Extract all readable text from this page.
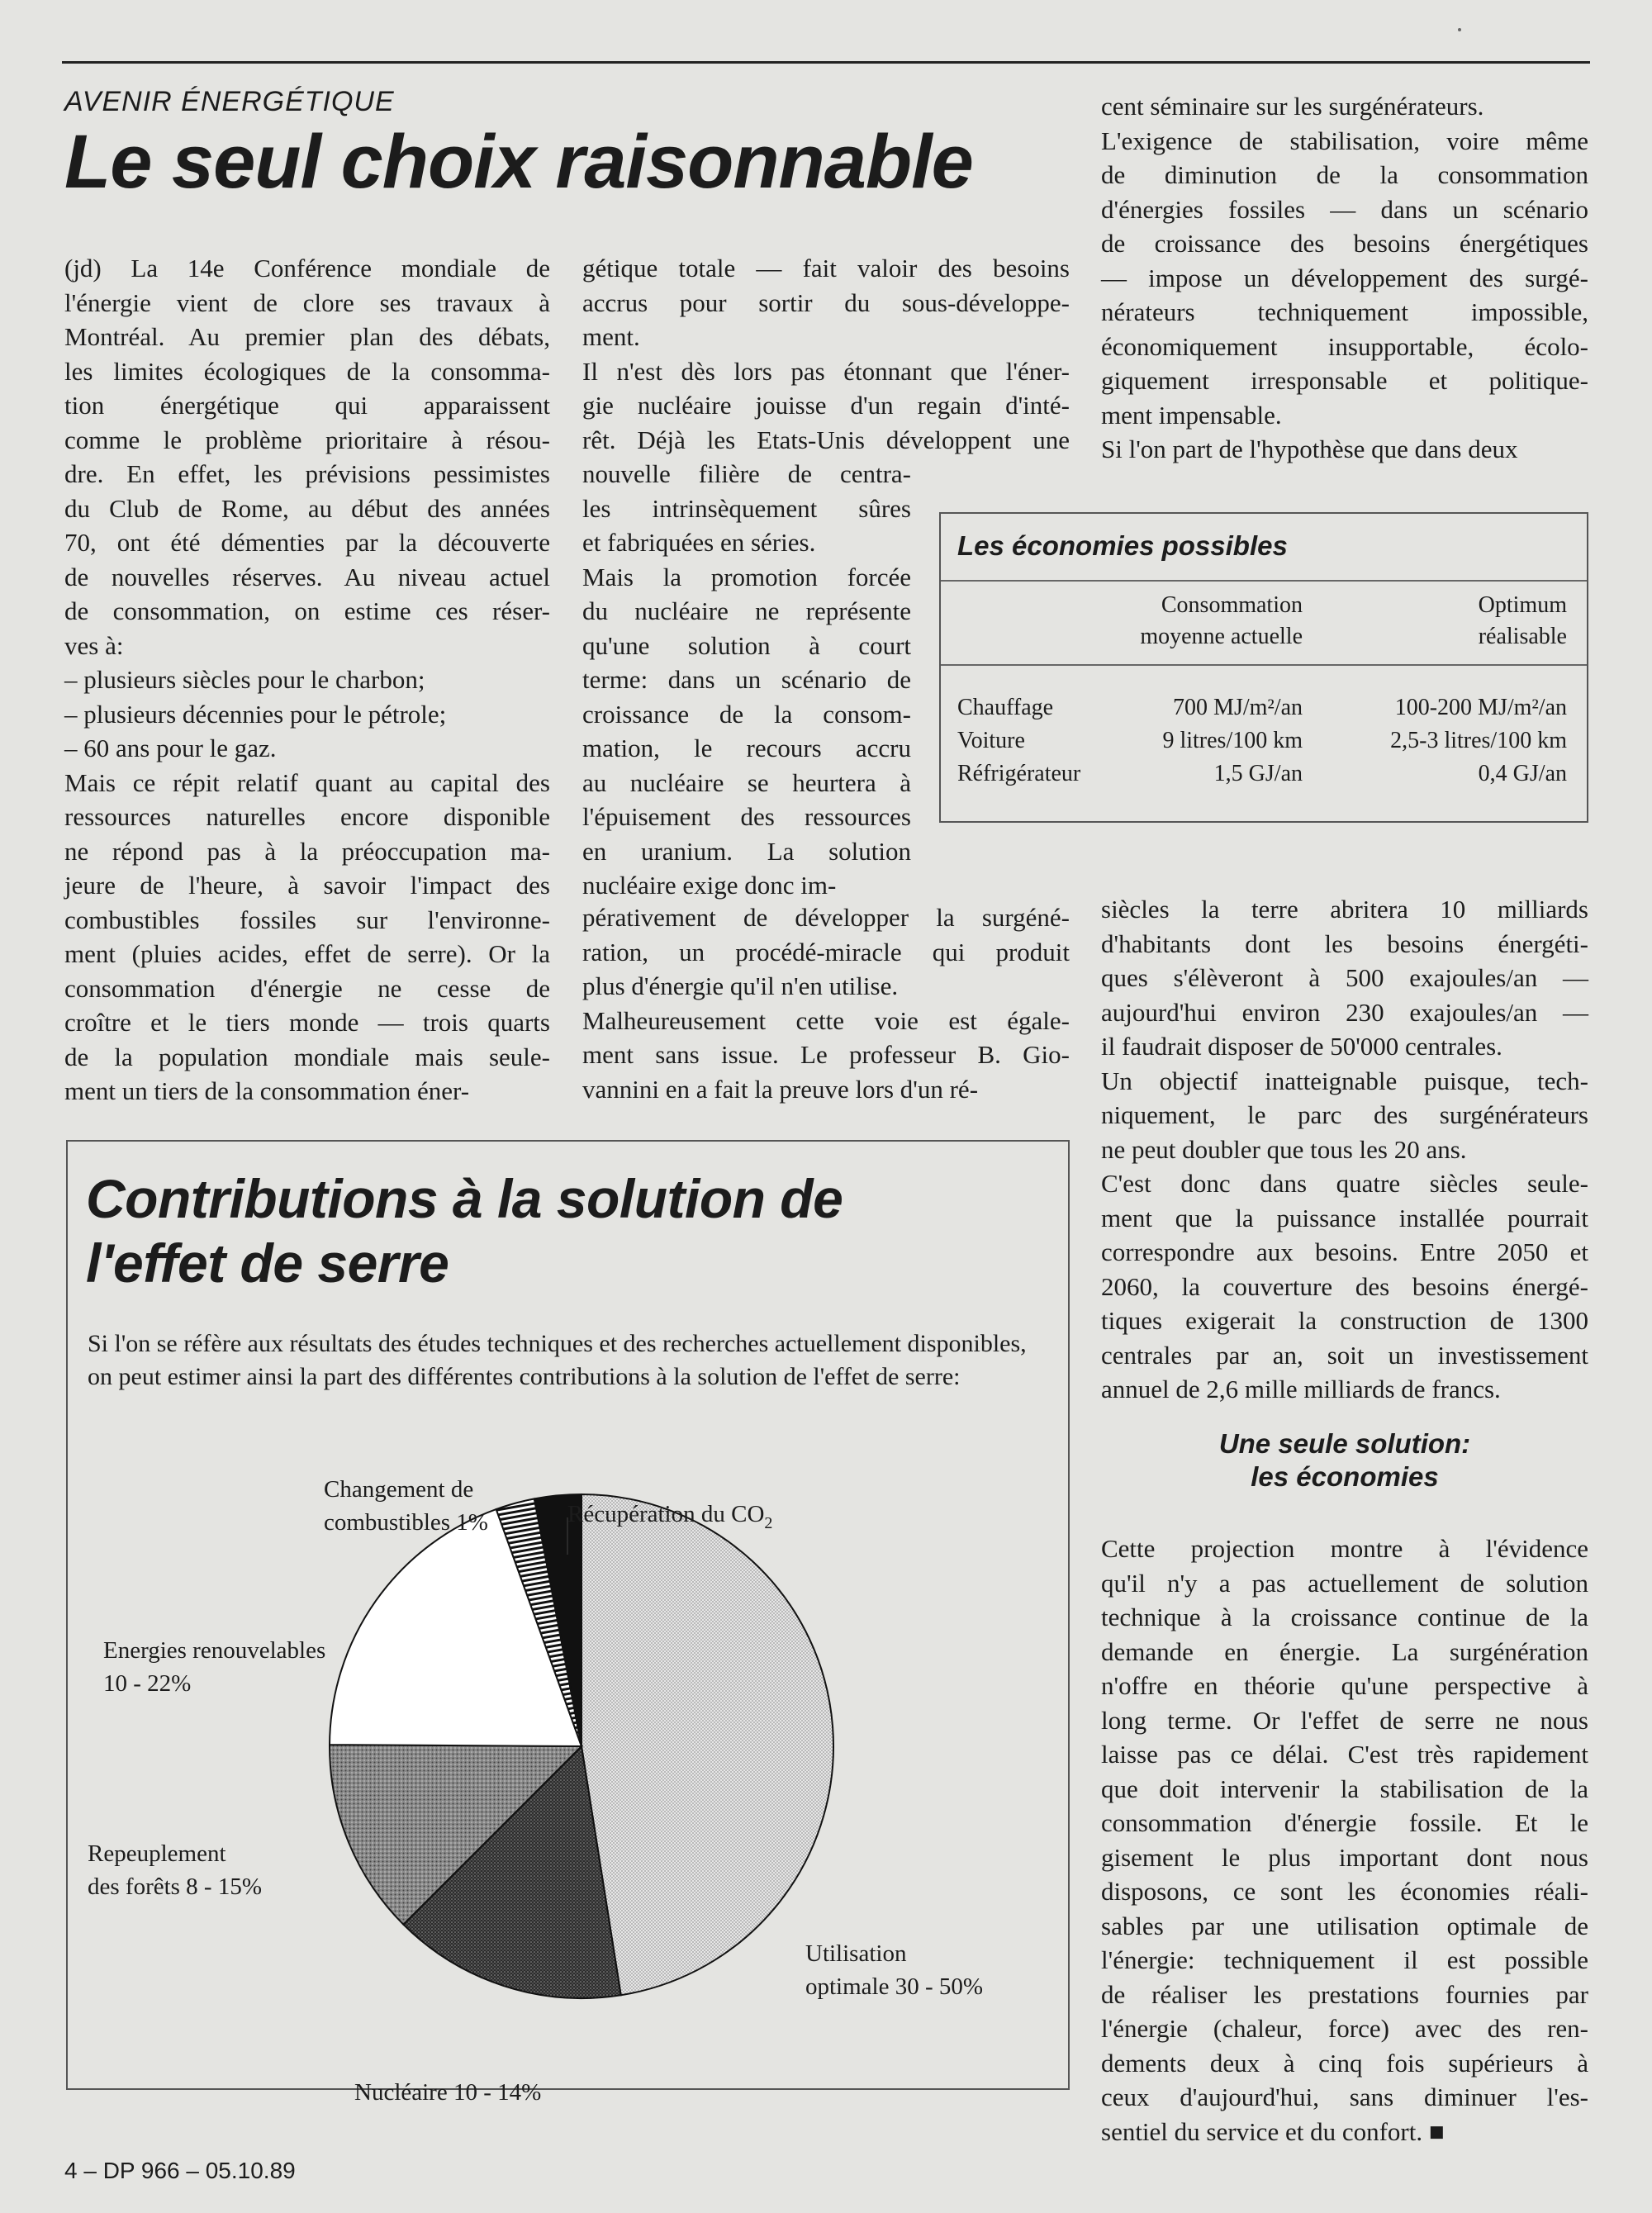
AVENIR ÉNERGÉTIQUE
Le seul choix raisonnable
(jd) La 14e Conférence mondiale de
l'énergie vient de clore ses travaux à
Montréal. Au premier plan des débats,
les limites écologiques de la consomma-
tion énergétique qui apparaissent
comme le problème prioritaire à résou-
dre. En effet, les prévisions pessimistes
du Club de Rome, au début des années
70, ont été démenties par la découverte
de nouvelles réserves. Au niveau actuel
de consommation, on estime ces réser-
ves à:
– plusieurs siècles pour le charbon;
– plusieurs décennies pour le pétrole;
– 60 ans pour le gaz.
Mais ce répit relatif quant au capital des
ressources naturelles encore disponible
ne répond pas à la préoccupation ma-
jeure de l'heure, à savoir l'impact des
combustibles fossiles sur l'environne-
ment (pluies acides, effet de serre). Or la
consommation d'énergie ne cesse de
croître et le tiers monde — trois quarts
de la population mondiale mais seule-
ment un tiers de la consommation éner-
gétique totale — fait valoir des besoins
accrus pour sortir du sous-développe-
ment.
Il n'est dès lors pas étonnant que l'éner-
gie nucléaire jouisse d'un regain d'inté-
rêt. Déjà les Etats-Unis développent une
nouvelle filière de centra-
les intrinsèquement sûres
et fabriquées en séries.
Mais la promotion forcée
du nucléaire ne représente
qu'une solution à court
terme: dans un scénario de
croissance de la consom-
mation, le recours accru
au nucléaire se heurtera à
l'épuisement des ressources
en uranium. La solution
nucléaire exige donc im-
cent séminaire sur les surgénérateurs.
L'exigence de stabilisation, voire même
de diminution de la consommation
d'énergies fossiles — dans un scénario
de croissance des besoins énergétiques
— impose un développement des surgé-
nérateurs techniquement impossible,
économiquement insupportable, écolo-
giquement irresponsable et politique-
ment impensable.
Si l'on part de l'hypothèse que dans deux
Les économies possibles
Consommation
moyenne actuelle
Optimum
réalisable
Chauffage	700 MJ/m²/an	100-200 MJ/m²/an
Voiture	9 litres/100 km	2,5-3 litres/100 km
Réfrigérateur	1,5 GJ/an	0,4 GJ/an
pérativement de développer la surgéné-
ration, un procédé-miracle qui produit
plus d'énergie qu'il n'en utilise.
Malheureusement cette voie est égale-
ment sans issue. Le professeur B. Gio-
vannini en a fait la preuve lors d'un ré-
siècles la terre abritera 10 milliards
d'habitants dont les besoins énergéti-
ques s'élèveront à 500 exajoules/an —
aujourd'hui environ 230 exajoules/an —
il faudrait disposer de 50'000 centrales.
Un objectif inatteignable puisque, tech-
niquement, le parc des surgénérateurs
ne peut doubler que tous les 20 ans.
C'est donc dans quatre siècles seule-
ment que la puissance installée pourrait
correspondre aux besoins. Entre 2050 et
2060, la couverture des besoins énergé-
tiques exigerait la construction de 1300
centrales par an, soit un investissement
annuel de 2,6 mille milliards de francs.
Une seule solution:
les économies
Cette projection montre à l'évidence
qu'il n'y a pas actuellement de solution
technique à la croissance continue de la
demande en énergie. La surgénération
n'offre en théorie qu'une perspective à
long terme. Or l'effet de serre ne nous
laisse pas ce délai. C'est très rapidement
que doit intervenir la stabilisation de la
consommation d'énergie fossile. Et le
gisement le plus important dont nous
disposons, ce sont les économies réali-
sables par une utilisation optimale de
l'énergie: techniquement il est possible
de réaliser les prestations fournies par
l'énergie (chaleur, force) avec des ren-
dements deux à cinq fois supérieurs à
ceux d'aujourd'hui, sans diminuer l'es-
sentiel du service et du confort. ■
Contributions à la solution de
l'effet de serre
Si l'on se réfère aux résultats des études techniques et des recherches actuellement disponibles, on peut estimer ainsi la part des différentes contributions à la solution de l'effet de serre:
Changement de
combustibles 1%	Récupération du $CO_2$
Energies renouvelables
10 - 22%
Repeuplement
des forêts 8 - 15%
Utilisation
optimale 30 - 50%
Nucléaire 10 - 14%
4 – DP 966 – 05.10.89
